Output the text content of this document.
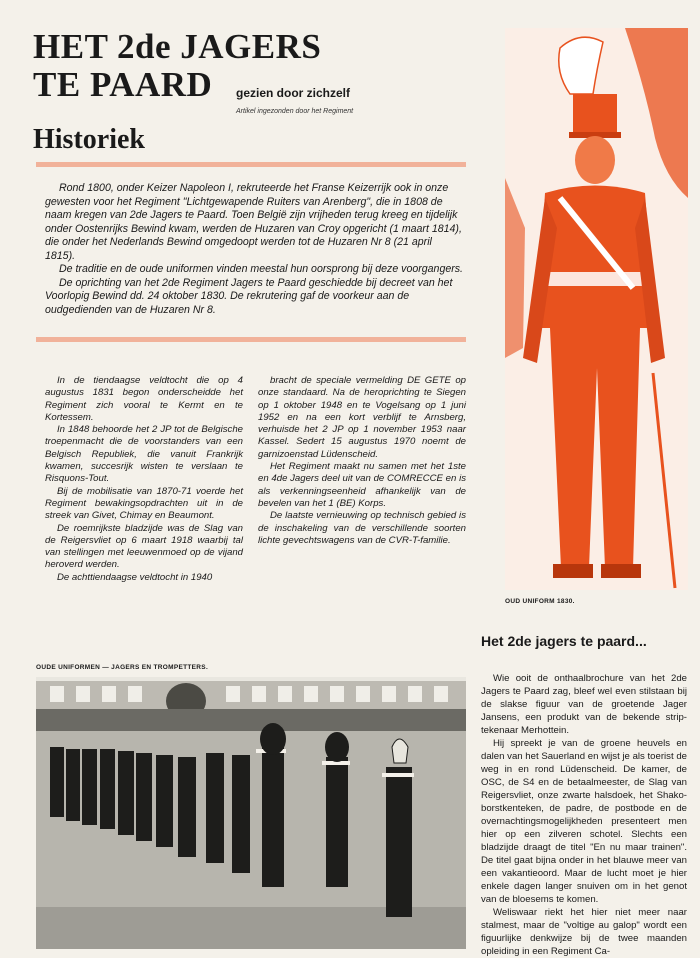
HET 2de JAGERS
TE PAARD	gezien door zichzelf
Artikel ingezonden door het Regiment
Historiek

Rond 1800, onder Keizer Napoleon I, rekruteerde het Franse Keizerrijk ook in onze gewesten voor het Regiment "Lichtgewapende Ruiters van Arenberg", die in 1808 de naam kregen van 2de Jagers te Paard. Toen België zijn vrijheden terug kreeg en tijdelijk onder Oostenrijks Bewind kwam, werden de Huzaren van Croy opgericht (1 maart 1814), die onder het Nederlands Bewind omgedoopt werden tot de Huzaren Nr 8 (21 april 1815).

De traditie en de oude uniformen vinden meestal hun oorsprong bij deze voorgangers.

De oprichting van het 2de Regiment Jagers te Paard geschiedde bij decreet van het Voorlopig Bewind dd. 24 oktober 1830. De rekrutering gaf de voorkeur aan de oudgedienden van de Huzaren Nr 8.

In de tiendaagse veldtocht die op 4 augustus 1831 begon onderscheidde het Regiment zich vooral te Kermt en te Kortessem.

In 1848 behoorde het 2 JP tot de Belgische troepenmacht die de voorstanders van een Belgisch Republiek, die vanuit Frankrijk kwamen, succesrijk wisten te verslaan te Risquons-Tout.

Bij de mobilisatie van 1870-71 voerde het Regiment bewakingsopdrachten uit in de streek van Givet, Chimay en Beaumont.

De roemrijkste bladzijde was de Slag van de Reigersvliet op 6 maart 1918 waarbij tal van stellingen met leeuwenmoed op de vijand heroverd werden.

De achttiendaagse veldtocht in 1940

bracht de speciale vermelding DE GETE op onze standaard. Na de heroprichting te Siegen op 1 oktober 1948 en te Vogelsang op 1 juni 1952 en na een kort verblijf te Arnsberg, verhuisde het 2 JP op 1 november 1953 naar Kassel. Sedert 15 augustus 1970 noemt de garnizoenstad Lüdenscheid.

Het Regiment maakt nu samen met het 1ste en 4de Jagers deel uit van de COMRECCE en is als verkenningseenheid afhankelijk van de bevelen van het 1 (BE) Korps.

De laatste vernieuwing op technisch gebied is de inschakeling van de verschillende soorten lichte gevechtswagens van de CVR-T-familie.

OUD UNIFORM 1830.
Het 2de jagers te paard...

Wie ooit de onthaalbrochure van het 2de Jagers te Paard zag, bleef wel even stilstaan bij de slakse figuur van de groetende Jager Jansens, een produkt van de bekende strip-tekenaar Merhottein.

Hij spreekt je van de groene heuvels en dalen van het Sauerland en wijst je als toerist de weg in en rond Lüdenscheid. De kamer, de OSC, de S4 en de betaalmeester, de Slag van Reigersvliet, onze zwarte halsdoek, het Shako-borstkenteken, de padre, de postbode en de overnachtingsmogelijkheden presenteert men hier op een zilveren schotel. Slechts een bladzijde draagt de titel "En nu maar trainen". De titel gaat bijna onder in het blauwe meer van een vakantieoord. Maar de lucht moet je hier enkele dagen langer snuiven om in het genot van de bloesems te komen.

Weliswaar riekt het hier niet meer naar stalmest, maar de "voltige au galop" wordt een figuurlijke denkwijze bij de twee maanden opleiding in een Regiment Ca-

OUDE UNIFORMEN — JAGERS EN TROMPETTERS.
